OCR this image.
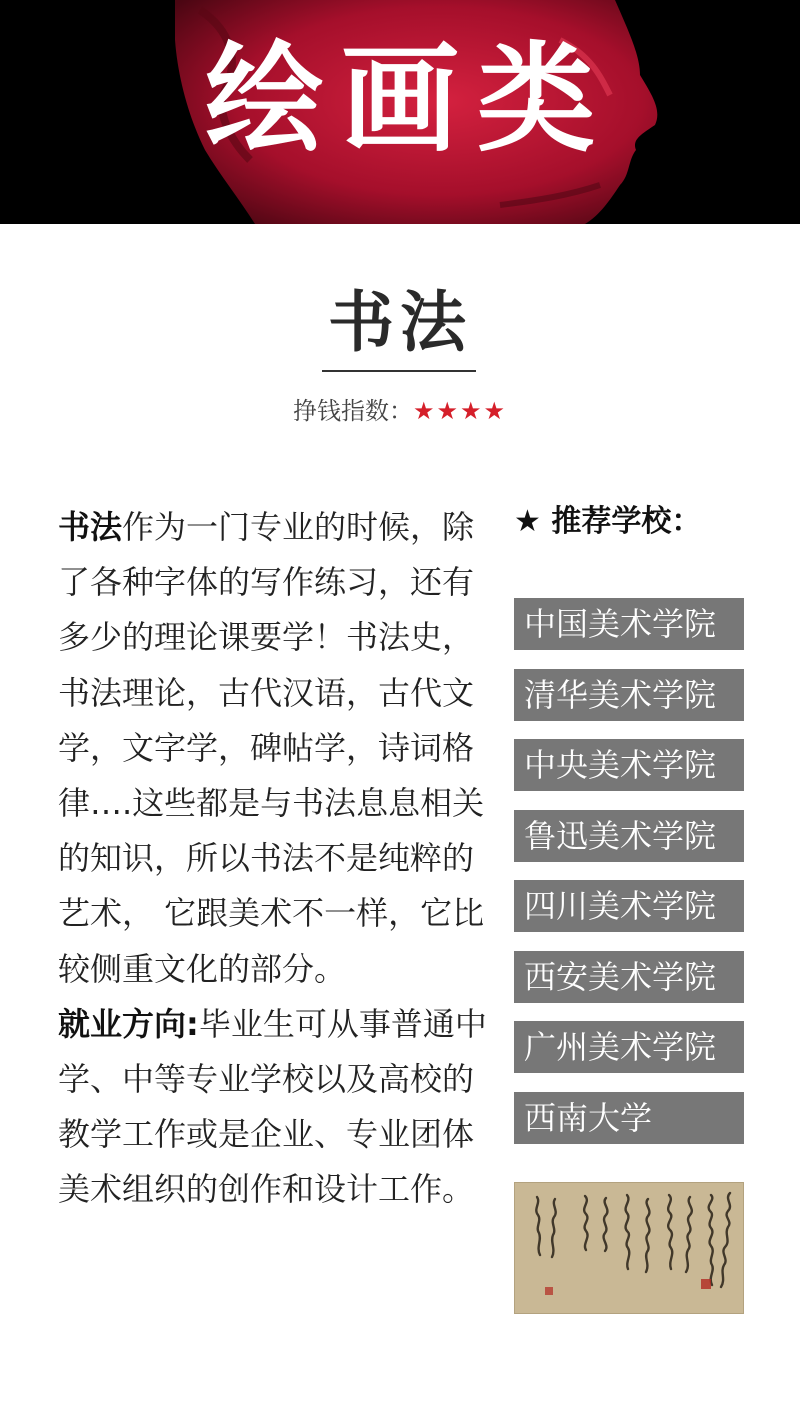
绘画类
书法
挣钱指数：★★★★
书法作为一门专业的时候，除了各种字体的写作练习，还有多少的理论课要学！书法史，书法理论，古代汉语，古代文学，文字学，碑帖学，诗词格律….这些都是与书法息息相关的知识，所以书法不是纯粹的艺术， 它跟美术不一样，它比较侧重文化的部分。
就业方向:毕业生可从事普通中学、中等专业学校以及高校的教学工作或是企业、专业团体美术组织的创作和设计工作。
★ 推荐学校：
中国美术学院
清华美术学院
中央美术学院
鲁迅美术学院
四川美术学院
西安美术学院
广州美术学院
西南大学
